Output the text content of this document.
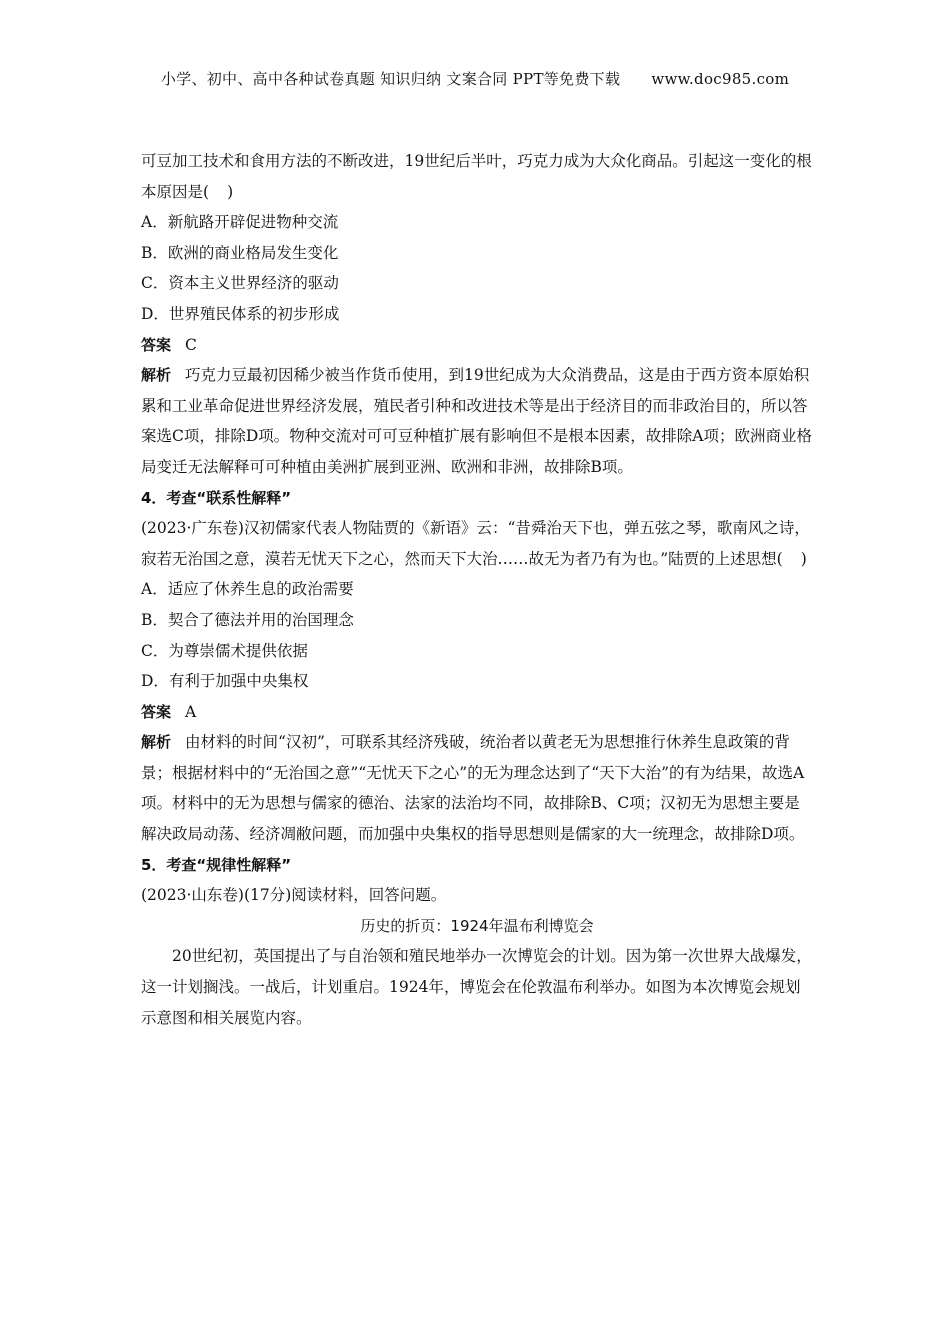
小学、初中、高中各种试卷真题 知识归纳 文案合同 PPT等免费下载 www.doc985.com

可豆加工技术和食用方法的不断改进，19世纪后半叶，巧克力成为大众化商品。引起这一变化的根本原因是( )

A．新航路开辟促进物种交流

B．欧洲的商业格局发生变化

C．资本主义世界经济的驱动

D．世界殖民体系的初步形成

答案 C

解析 巧克力豆最初因稀少被当作货币使用，到19世纪成为大众消费品，这是由于西方资本原始积累和工业革命促进世界经济发展，殖民者引种和改进技术等是出于经济目的而非政治目的，所以答案选C项，排除D项。物种交流对可可豆种植扩展有影响但不是根本因素，故排除A项；欧洲商业格局变迁无法解释可可种植由美洲扩展到亚洲、欧洲和非洲，故排除B项。

4．考查“联系性解释”

(2023·广东卷)汉初儒家代表人物陆贾的《新语》云：“昔舜治天下也，弹五弦之琴，歌南风之诗，寂若无治国之意，漠若无忧天下之心，然而天下大治……故无为者乃有为也。”陆贾的上述思想( )

A．适应了休养生息的政治需要

B．契合了德法并用的治国理念

C．为尊崇儒术提供依据

D．有利于加强中央集权

答案 A

解析 由材料的时间“汉初”，可联系其经济残破，统治者以黄老无为思想推行休养生息政策的背景；根据材料中的“无治国之意”“无忧天下之心”的无为理念达到了“天下大治”的有为结果，故选A项。材料中的无为思想与儒家的德治、法家的法治均不同，故排除B、C项；汉初无为思想主要是解决政局动荡、经济凋敝问题，而加强中央集权的指导思想则是儒家的大一统理念，故排除D项。

5．考查“规律性解释”

(2023·山东卷)(17分)阅读材料，回答问题。

历史的折页：1924年温布利博览会

20世纪初，英国提出了与自治领和殖民地举办一次博览会的计划。因为第一次世界大战爆发，这一计划搁浅。一战后，计划重启。1924年，博览会在伦敦温布利举办。如图为本次博览会规划示意图和相关展览内容。
